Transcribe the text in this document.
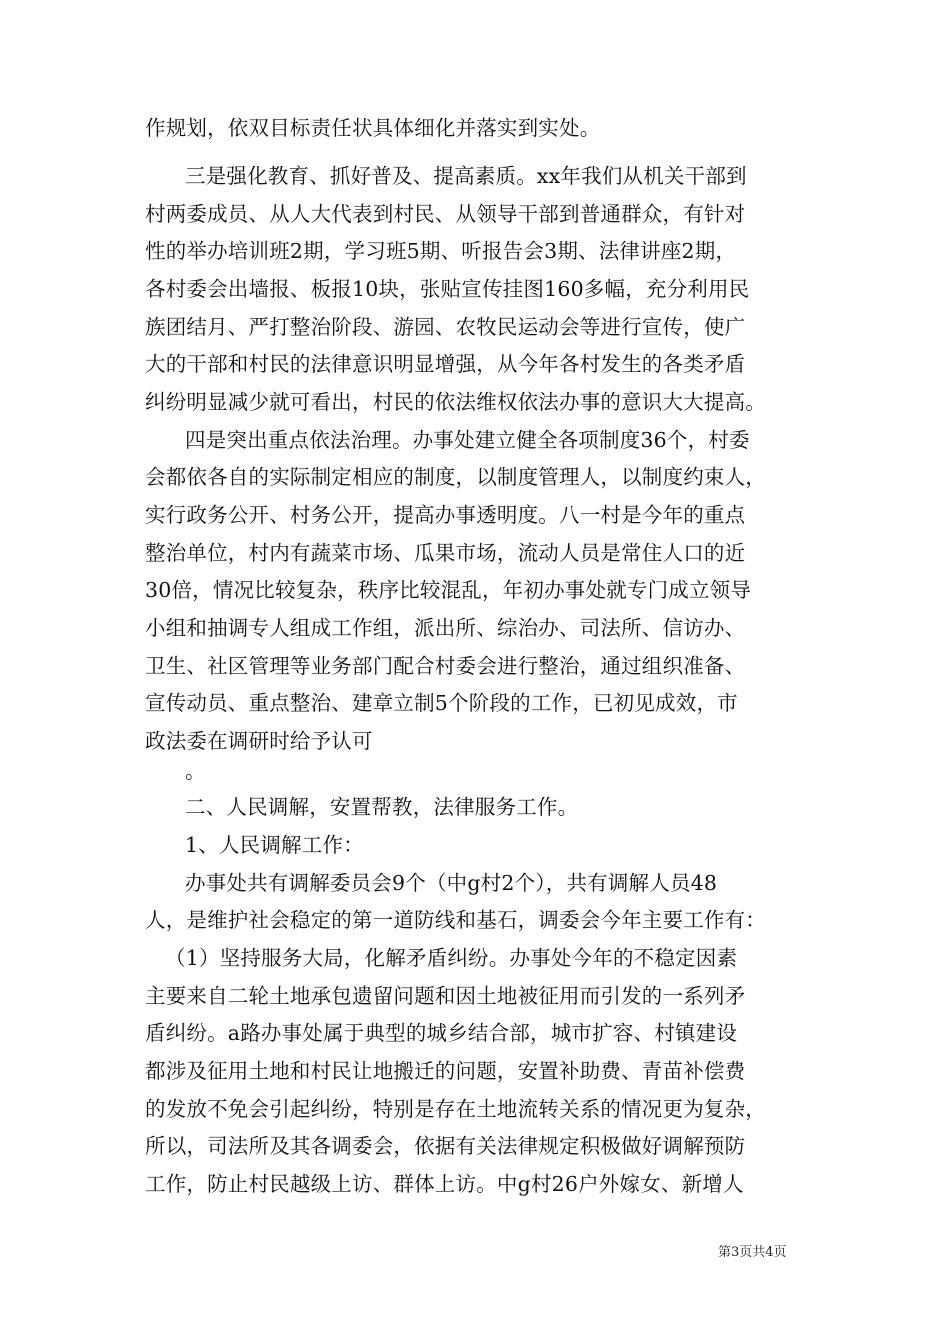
作规划，依双目标责任状具体细化并落实到实处。
三是强化教育、抓好普及、提高素质。xx年我们从机关干部到
村两委成员、从人大代表到村民、从领导干部到普通群众，有针对
性的举办培训班2期，学习班5期、听报告会3期、法律讲座2期，
各村委会出墙报、板报10块，张贴宣传挂图160多幅，充分利用民
族团结月、严打整治阶段、游园、农牧民运动会等进行宣传，使广
大的干部和村民的法律意识明显增强，从今年各村发生的各类矛盾
纠纷明显减少就可看出，村民的依法维权依法办事的意识大大提高。
四是突出重点依法治理。办事处建立健全各项制度36个，村委
会都依各自的实际制定相应的制度，以制度管理人，以制度约束人，
实行政务公开、村务公开，提高办事透明度。八一村是今年的重点
整治单位，村内有蔬菜市场、瓜果市场，流动人员是常住人口的近
30倍，情况比较复杂，秩序比较混乱，年初办事处就专门成立领导
小组和抽调专人组成工作组，派出所、综治办、司法所、信访办、
卫生、社区管理等业务部门配合村委会进行整治，通过组织准备、
宣传动员、重点整治、建章立制5个阶段的工作，已初见成效，市
政法委在调研时给予认可
。
二、人民调解，安置帮教，法律服务工作。
1、人民调解工作：
办事处共有调解委员会9个（中g村2个），共有调解人员48
人，是维护社会稳定的第一道防线和基石，调委会今年主要工作有：
（1）坚持服务大局，化解矛盾纠纷。办事处今年的不稳定因素
主要来自二轮土地承包遗留问题和因土地被征用而引发的一系列矛
盾纠纷。a路办事处属于典型的城乡结合部，城市扩容、村镇建设
都涉及征用土地和村民让地搬迁的问题，安置补助费、青苗补偿费
的发放不免会引起纠纷，特别是存在土地流转关系的情况更为复杂，
所以，司法所及其各调委会，依据有关法律规定积极做好调解预防
工作，防止村民越级上访、群体上访。中g村26户外嫁女、新增人
第3页共4页
